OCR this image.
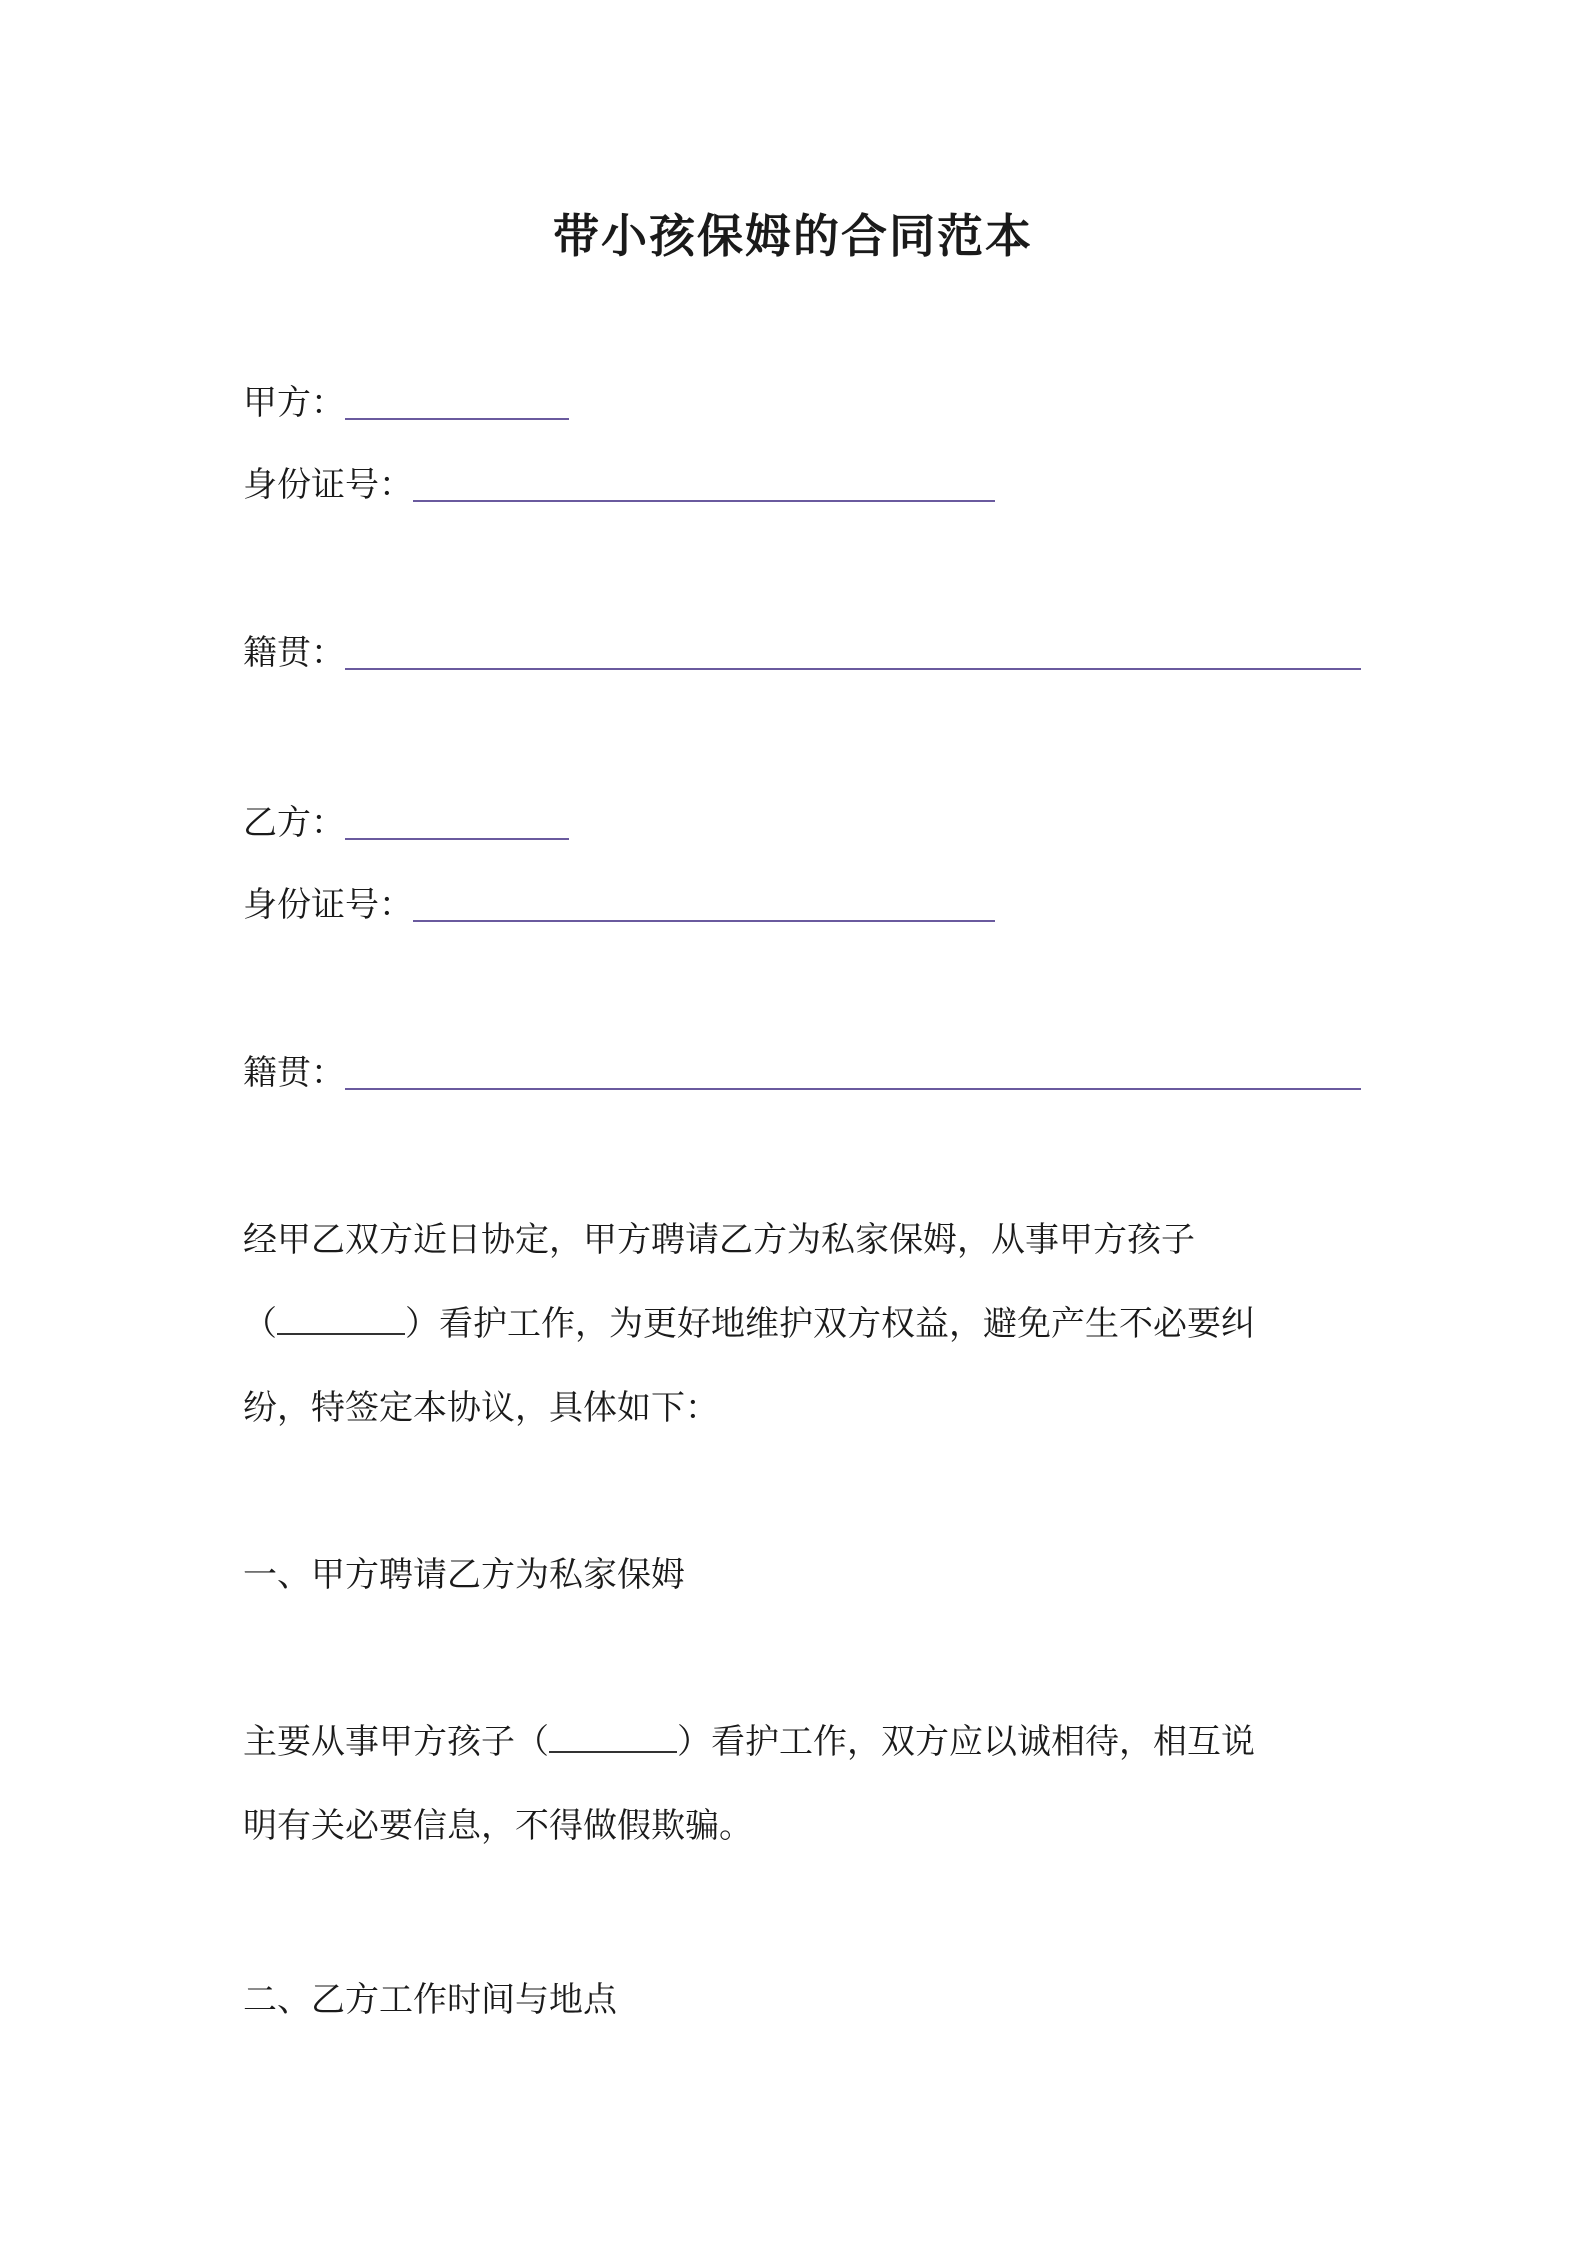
带小孩保姆的合同范本
甲方：
身份证号：
籍贯：
乙方：
身份证号：
籍贯：
经甲乙双方近日协定，甲方聘请乙方为私家保姆，从事甲方孩子
（	）看护工作，为更好地维护双方权益，避免产生不必要纠
纷，特签定本协议，具体如下：
一、甲方聘请乙方为私家保姆
主要从事甲方孩子（	）看护工作，双方应以诚相待，相互说
明有关必要信息，不得做假欺骗。
二、乙方工作时间与地点
